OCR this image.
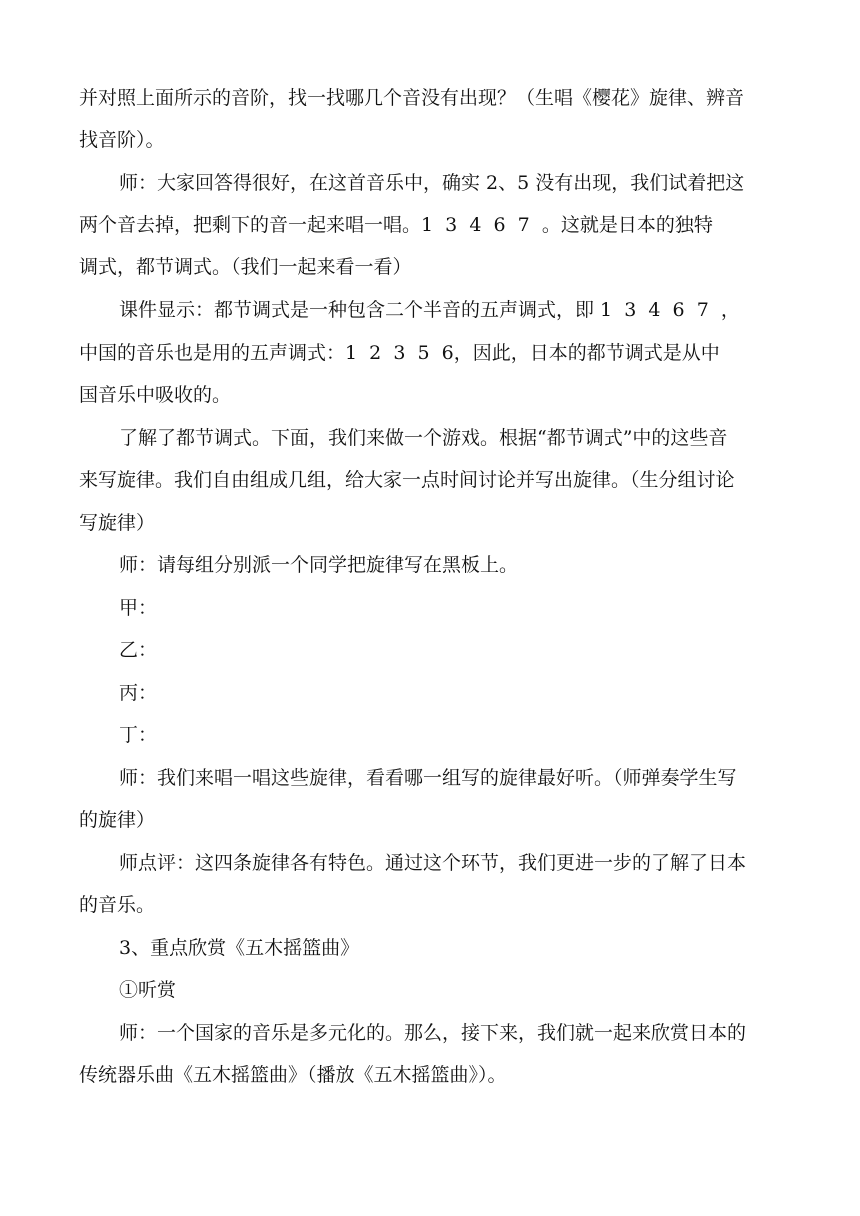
并对照上面所示的音阶，找一找哪几个音没有出现？（生唱《樱花》旋律、辨音
找音阶）。
师：大家回答得很好，在这首音乐中，确实 2、5 没有出现，我们试着把这
两个音去掉，把剩下的音一起来唱一唱。1  3  4  6  7  。这就是日本的独特
调式，都节调式。（我们一起来看一看）
课件显示：都节调式是一种包含二个半音的五声调式，即 1  3  4  6  7  ，
中国的音乐也是用的五声调式：1  2  3  5  6，因此，日本的都节调式是从中
国音乐中吸收的。
了解了都节调式。下面，我们来做一个游戏。根据“都节调式”中的这些音
来写旋律。我们自由组成几组，给大家一点时间讨论并写出旋律。（生分组讨论
写旋律）
师：请每组分别派一个同学把旋律写在黑板上。
甲：
乙：
丙：
丁：
师：我们来唱一唱这些旋律，看看哪一组写的旋律最好听。（师弹奏学生写
的旋律）
师点评：这四条旋律各有特色。通过这个环节，我们更进一步的了解了日本
的音乐。
3、重点欣赏《五木摇篮曲》
①听赏
师：一个国家的音乐是多元化的。那么，接下来，我们就一起来欣赏日本的
传统器乐曲《五木摇篮曲》（播放《五木摇篮曲》）。
